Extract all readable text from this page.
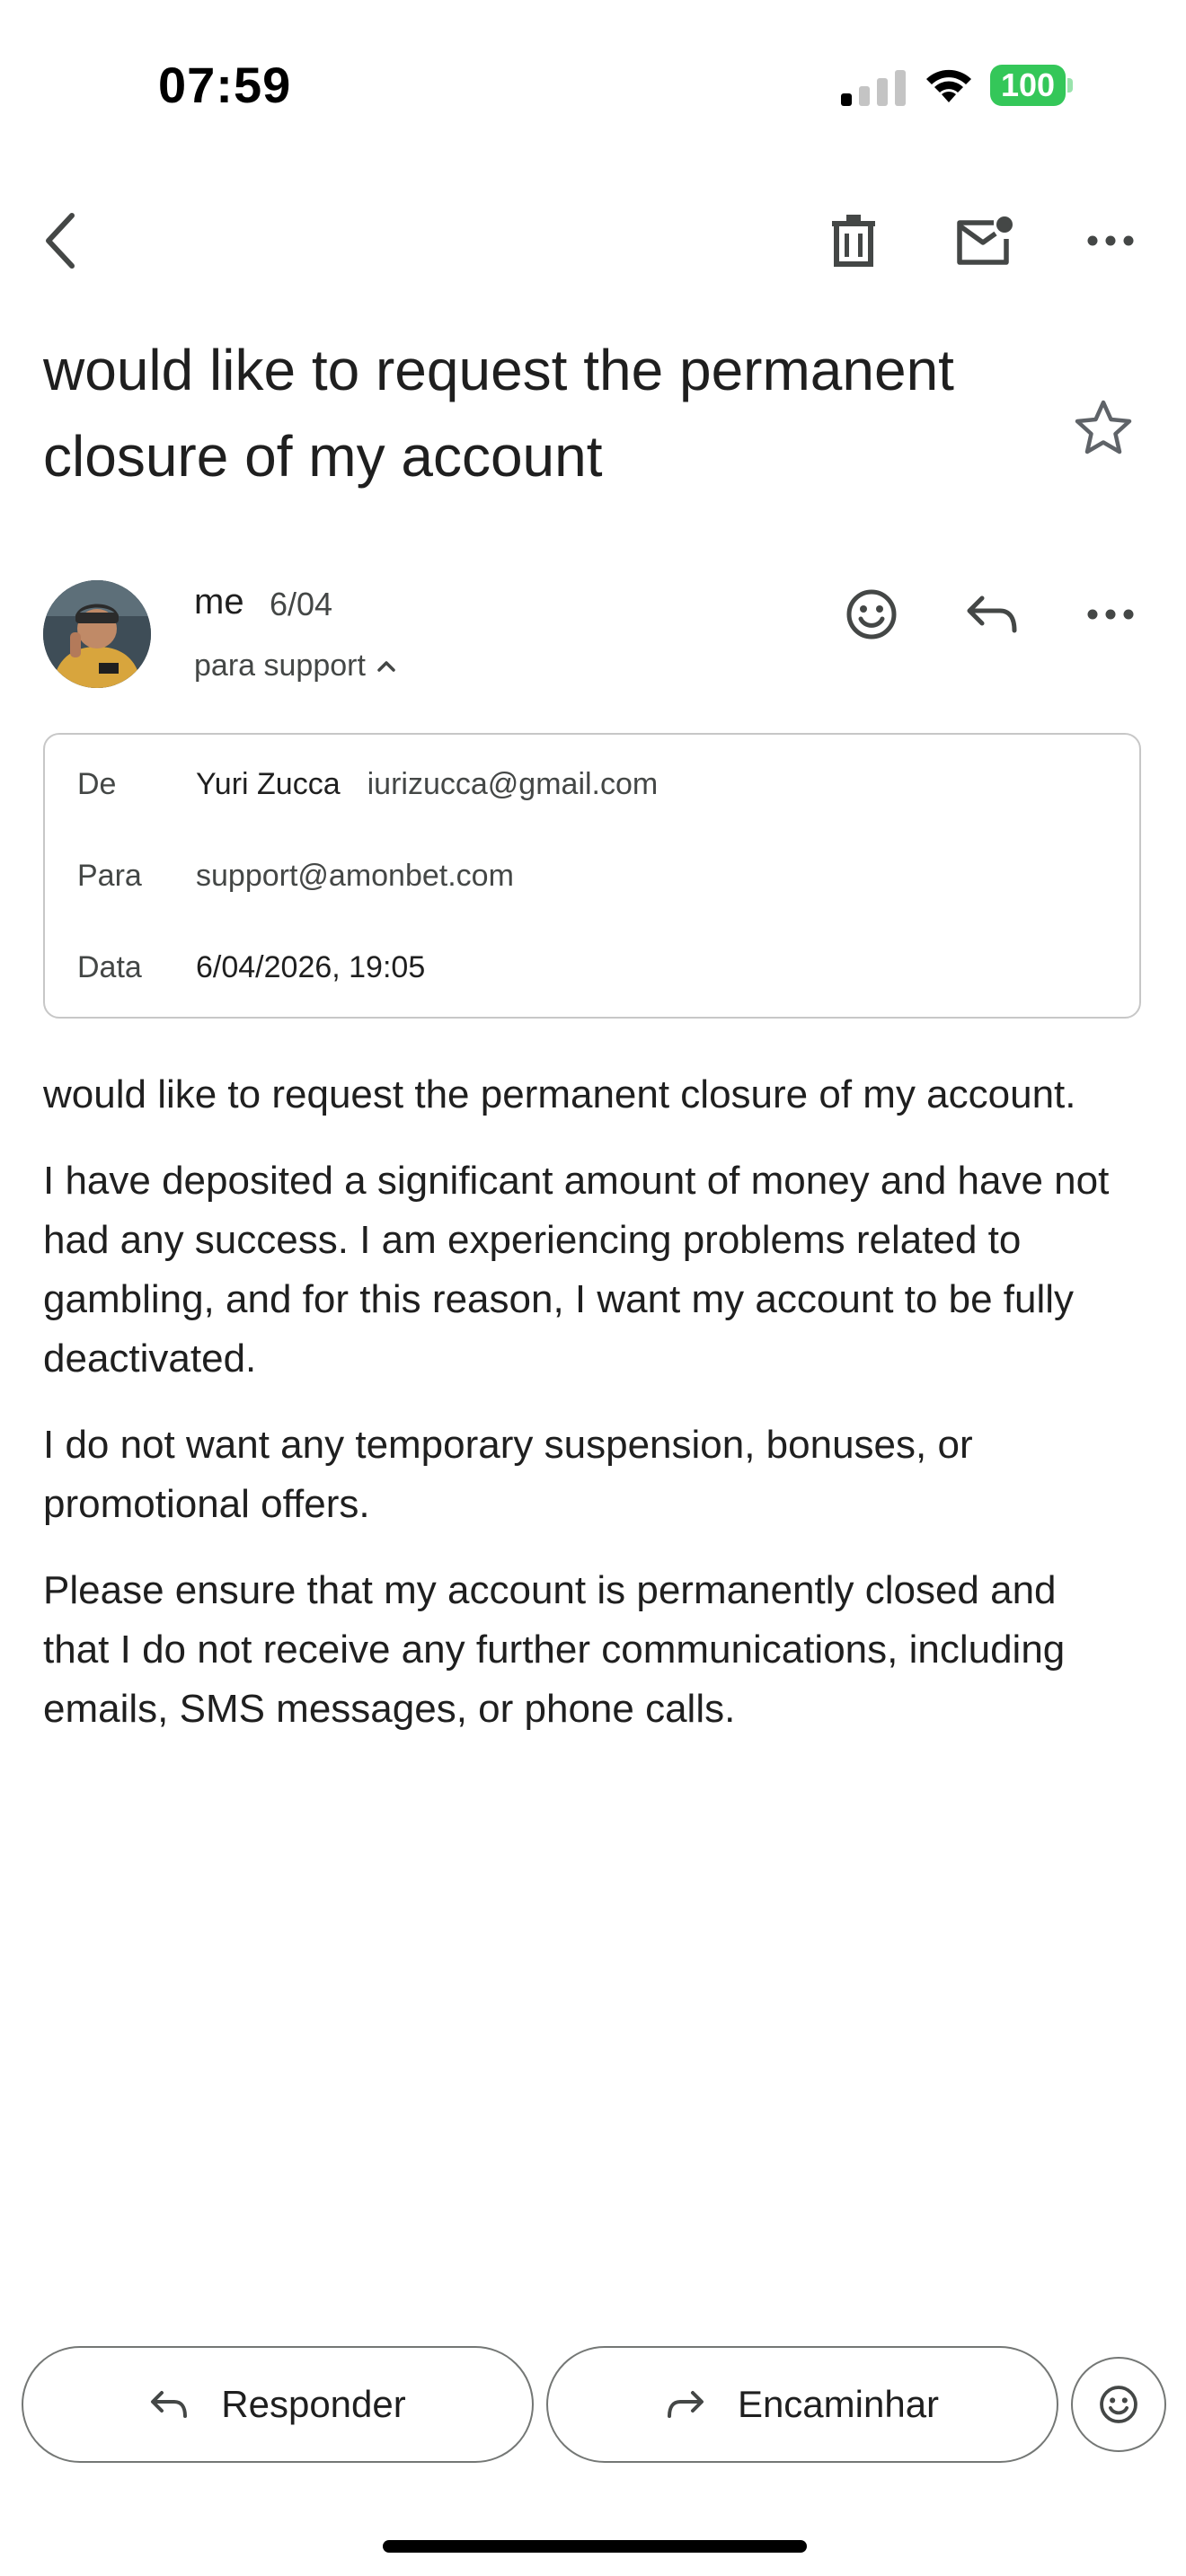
07:59	100
would like to request the permanent closure of my account
me 6/04
para support
De	Yuri Zucca iurizucca@gmail.com
Para support@amonbet.com
Data 6/04/2026, 19:05

would like to request the permanent closure of my account.

I have deposited a significant amount of money and have not had any success. I am experiencing problems related to gambling, and for this reason, I want my account to be fully deactivated.

I do not want any temporary suspension, bonuses, or promotional offers.

Please ensure that my account is permanently closed and that I do not receive any further communications, including emails, SMS messages, or phone calls.

Responder	Encaminhar
